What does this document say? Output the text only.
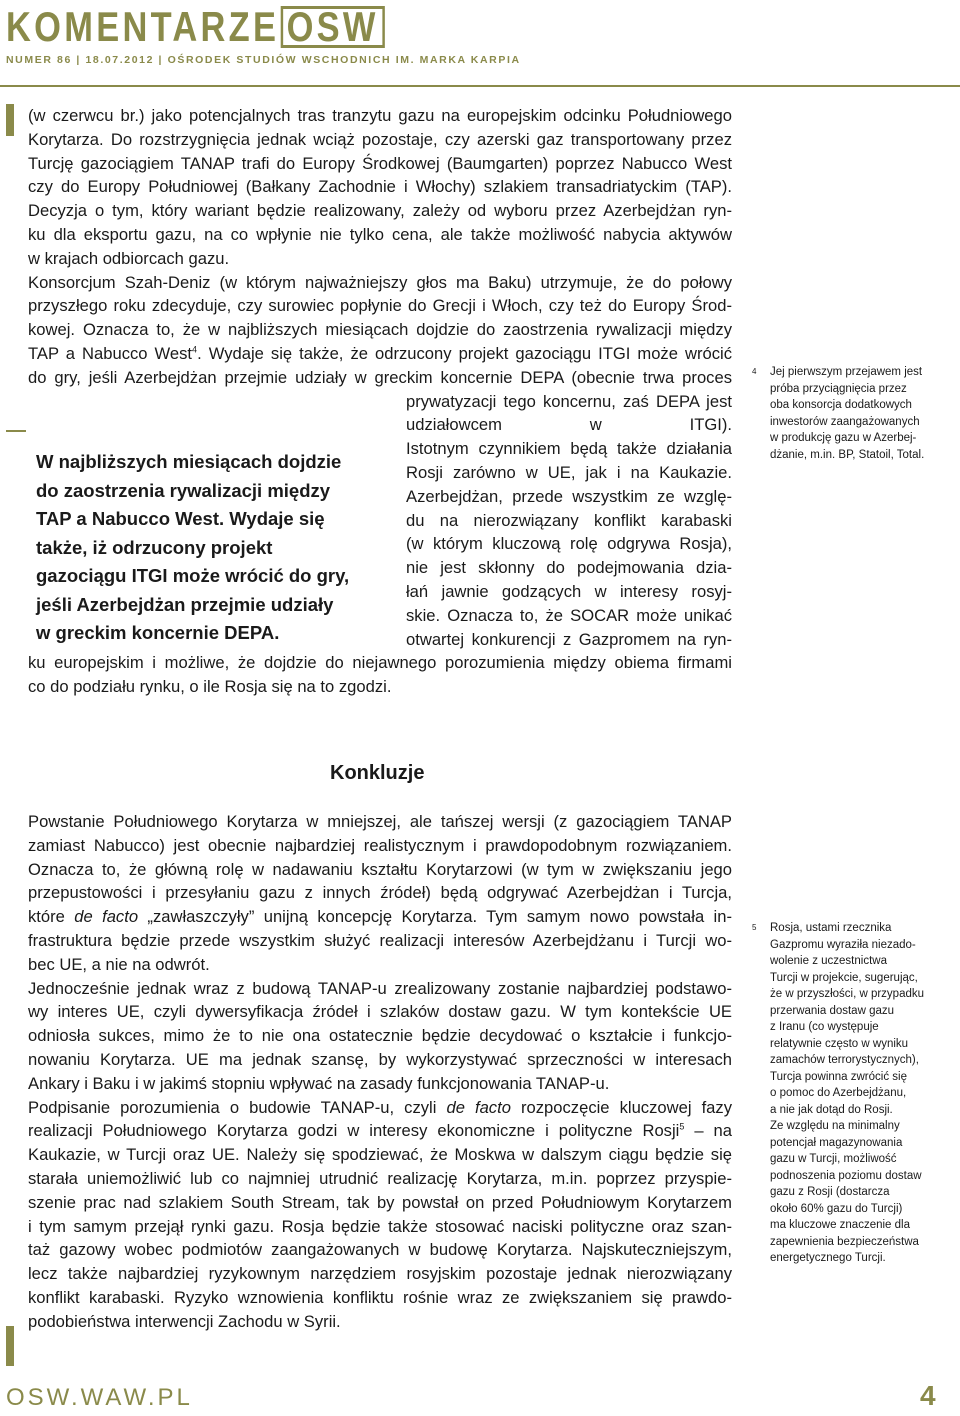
KOMENTARZE OSW
NUMER 86 | 18.07.2012 | OŚRODEK STUDIÓW WSCHODNICH IM. MARKA KARPIA
(w czerwcu br.) jako potencjalnych tras tranzytu gazu na europejskim odcinku Południowego
Korytarza. Do rozstrzygnięcia jednak wciąż pozostaje, czy azerski gaz transportowany przez
Turcję gazociągiem TANAP trafi do Europy Środkowej (Baumgarten) poprzez Nabucco West
czy do Europy Południowej (Bałkany Zachodnie i Włochy) szlakiem transadriatyckim (TAP).
Decyzja o tym, który wariant będzie realizowany, zależy od wyboru przez Azerbejdżan ryn-
ku dla eksportu gazu, na co wpłynie nie tylko cena, ale także możliwość nabycia aktywów
w krajach odbiorcach gazu.
Konsorcjum Szah-Deniz (w którym najważniejszy głos ma Baku) utrzymuje, że do połowy
przyszłego roku zdecyduje, czy surowiec popłynie do Grecji i Włoch, czy też do Europy Środ-
kowej. Oznacza to, że w najbliższych miesiącach dojdzie do zaostrzenia rywalizacji między
TAP a Nabucco West$^4$. Wydaje się także, że odrzucony projekt gazociągu ITGI może wrócić
do gry, jeśli Azerbejdżan przejmie udziały w greckim koncernie DEPA (obecnie trwa proces
prywatyzacji tego koncernu, zaś DEPA jest
udziałowcem w ITGI).
Istotnym czynnikiem będą także działania
Rosji zarówno w UE, jak i na Kaukazie.
Azerbejdżan, przede wszystkim ze wzglę-
du na nierozwiązany konflikt karabaski
(w którym kluczową rolę odgrywa Rosja),
nie jest skłonny do podejmowania dzia-
łań jawnie godzących w interesy rosyj-
skie. Oznacza to, że SOCAR może unikać
otwartej konkurencji z Gazpromem na ryn-
W najbliższych miesiącach dojdzie
do zaostrzenia rywalizacji między
TAP a Nabucco West. Wydaje się
także, iż odrzucony projekt
gazociągu ITGI może wrócić do gry,
jeśli Azerbejdżan przejmie udziały
w greckim koncernie DEPA.
ku europejskim i możliwe, że dojdzie do niejawnego porozumienia między obiema firmami
co do podziału rynku, o ile Rosja się na to zgodzi.
Konkluzje
Powstanie Południowego Korytarza w mniejszej, ale tańszej wersji (z gazociągiem TANAP
zamiast Nabucco) jest obecnie najbardziej realistycznym i prawdopodobnym rozwiązaniem.
Oznacza to, że główną rolę w nadawaniu kształtu Korytarzowi (w tym w zwiększaniu jego
przepustowości i przesyłaniu gazu z innych źródeł) będą odgrywać Azerbejdżan i Turcja,
które de facto „zawłaszczyły” unijną koncepcję Korytarza. Tym samym nowo powstała in-
frastruktura będzie przede wszystkim służyć realizacji interesów Azerbejdżanu i Turcji wo-
bec UE, a nie na odwrót.
Jednocześnie jednak wraz z budową TANAP-u zrealizowany zostanie najbardziej podstawo-
wy interes UE, czyli dywersyfikacja źródeł i szlaków dostaw gazu. W tym kontekście UE
odniosła sukces, mimo że to nie ona ostatecznie będzie decydować o kształcie i funkcjo-
nowaniu Korytarza. UE ma jednak szansę, by wykorzystywać sprzeczności w interesach
Ankary i Baku i w jakimś stopniu wpływać na zasady funkcjonowania TANAP-u.
Podpisanie porozumienia o budowie TANAP-u, czyli de facto rozpoczęcie kluczowej fazy
realizacji Południowego Korytarza godzi w interesy ekonomiczne i polityczne Rosji$^5$ – na
Kaukazie, w Turcji oraz UE. Należy się spodziewać, że Moskwa w dalszym ciągu będzie się
starała uniemożliwić lub co najmniej utrudnić realizację Korytarza, m.in. poprzez przyspie-
szenie prac nad szlakiem South Stream, tak by powstał on przed Południowym Korytarzem
i tym samym przejął rynki gazu. Rosja będzie także stosować naciski polityczne oraz szan-
taż gazowy wobec podmiotów zaangażowanych w budowę Korytarza. Najskuteczniejszym,
lecz także najbardziej ryzykownym narzędziem rosyjskim pozostaje jednak nierozwiązany
konflikt karabaski. Ryzyko wznowienia konfliktu rośnie wraz ze zwiększaniem się prawdo-
podobieństwa interwencji Zachodu w Syrii.
4 Jej pierwszym przejawem jest
próba przyciągnięcia przez
oba konsorcja dodatkowych
inwestorów zaangażowanych
w produkcję gazu w Azerbej-
dżanie, m.in. BP, Statoil, Total.
5 Rosja, ustami rzecznika
Gazpromu wyraziła niezado-
wolenie z uczestnictwa
Turcji w projekcie, sugerując,
że w przyszłości, w przypadku
przerwania dostaw gazu
z Iranu (co występuje
relatywnie często w wyniku
zamachów terrorystycznych),
Turcja powinna zwrócić się
o pomoc do Azerbejdżanu,
a nie jak dotąd do Rosji.
Ze względu na minimalny
potencjał magazynowania
gazu w Turcji, możliwość
podnoszenia poziomu dostaw
gazu z Rosji (dostarcza
około 60% gazu do Turcji)
ma kluczowe znaczenie dla
zapewnienia bezpieczeństwa
energetycznego Turcji.
OSW.WAW.PL	4
